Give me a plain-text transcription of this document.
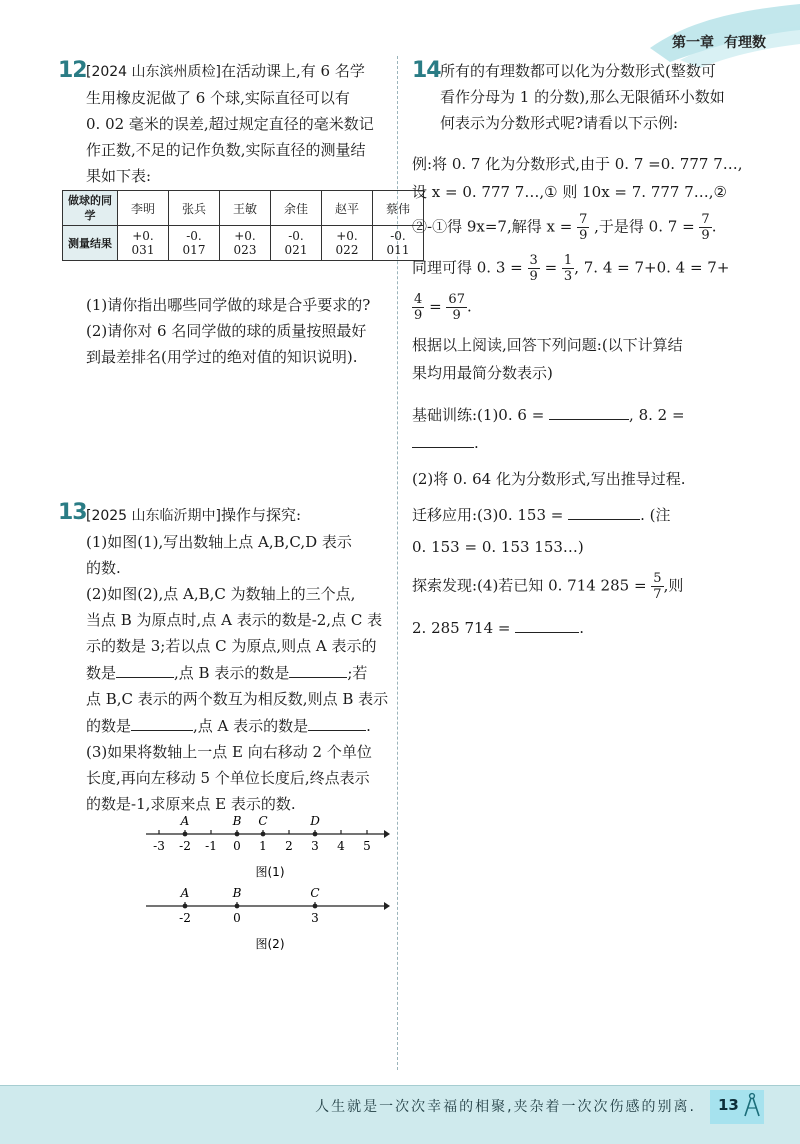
第一章 有理数
12 [2024 山东滨州质检]在活动课上,有 6 名学
生用橡皮泥做了 6 个球,实际直径可以有
0. 02 毫米的误差,超过规定直径的毫米数记
作正数,不足的记作负数,实际直径的测量结
果如下表:
做球的同学	李明	张兵	王敏	余佳	赵平	蔡伟
测量结果	+0. 031	-0. 017	+0. 023	-0. 021	+0. 022	-0. 011
(1)请你指出哪些同学做的球是合乎要求的?
(2)请你对 6 名同学做的球的质量按照最好
到最差排名(用学过的绝对值的知识说明).
13 [2025 山东临沂期中]操作与探究:
(1)如图(1),写出数轴上点 A,B,C,D 表示
的数.
(2)如图(2),点 A,B,C 为数轴上的三个点,
当点 B 为原点时,点 A 表示的数是-2,点 C 表
示的数是 3;若以点 C 为原点,则点 A 表示的
数是	,点 B 表示的数是	;若
点 B,C 表示的两个数互为相反数,则点 B 表示
的数是	,点 A 表示的数是	.
(3)如果将数轴上一点 E 向右移动 2 个单位
长度,再向左移动 5 个单位长度后,终点表示
的数是-1,求原来点 E 表示的数.
-3 -2 -1 0 1 2 3 4 5
A	B C	D
图(1)
-2	0	3
A	B	C
图(2)
14 所有的有理数都可以化为分数形式(整数可
看作分母为 1 的分数),那么无限循环小数如
何表示为分数形式呢?请看以下示例:
例:将 0. 7 化为分数形式,由于 0. 7 =0. 777 7…,
设 x = 0. 777 7…,① 则 10x = 7. 777 7…,②
②-①得 9x=7,解得 $x = \frac{7}{9}$ ,于是得 0. $7 = \frac{7}{9}$ .
同理可得 0. $3 = \frac{3}{9} = \frac{1}{3}$ , 7. 4 = 7+0. 4 = 7+
$\frac{4}{9} = \frac{67}{9}$ .
根据以上阅读,回答下列问题:(以下计算结
果均用最简分数表示)
基础训练:(1)0. 6 =	, 8. 2 =
.
(2)将 0. 64 化为分数形式,写出推导过程.
迁移应用:(3)0. 153 =	. (注
0. 153 = 0. 153 153…)
探索发现:(4)若已知 0. 714 $285 = \frac{5}{7}$ ,则
2. 285 714 =	.
人生就是一次次幸福的相聚,夹杂着一次次伤感的别离. 13
